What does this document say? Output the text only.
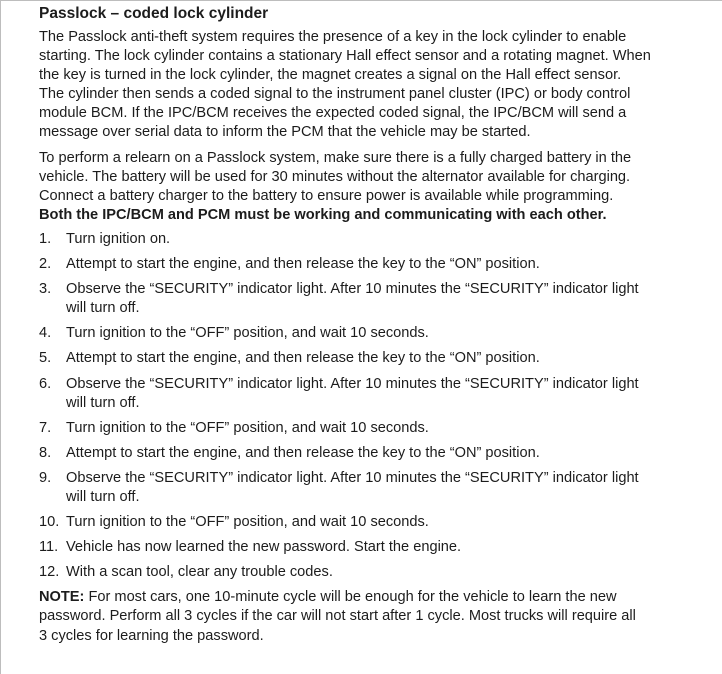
Passlock – coded lock cylinder
The Passlock anti-theft system requires the presence of a key in the lock cylinder to enable
starting. The lock cylinder contains a stationary Hall effect sensor and a rotating magnet. When
the key is turned in the lock cylinder, the magnet creates a signal on the Hall effect sensor.
The cylinder then sends a coded signal to the instrument panel cluster (IPC) or body control
module BCM. If the IPC/BCM receives the expected coded signal, the IPC/BCM will send a
message over serial data to inform the PCM that the vehicle may be started.
To perform a relearn on a Passlock system, make sure there is a fully charged battery in the
vehicle. The battery will be used for 30 minutes without the alternator available for charging.
Connect a battery charger to the battery to ensure power is available while programming.
Both the IPC/BCM and PCM must be working and communicating with each other.
1. Turn ignition on.
2. Attempt to start the engine, and then release the key to the “ON” position.
3. Observe the “SECURITY” indicator light. After 10 minutes the “SECURITY” indicator light
will turn off.
4. Turn ignition to the “OFF” position, and wait 10 seconds.
5. Attempt to start the engine, and then release the key to the “ON” position.
6. Observe the “SECURITY” indicator light. After 10 minutes the “SECURITY” indicator light
will turn off.
7. Turn ignition to the “OFF” position, and wait 10 seconds.
8. Attempt to start the engine, and then release the key to the “ON” position.
9. Observe the “SECURITY” indicator light. After 10 minutes the “SECURITY” indicator light
will turn off.
10. Turn ignition to the “OFF” position, and wait 10 seconds.
11. Vehicle has now learned the new password. Start the engine.
12. With a scan tool, clear any trouble codes.
NOTE: For most cars, one 10-minute cycle will be enough for the vehicle to learn the new
password. Perform all 3 cycles if the car will not start after 1 cycle. Most trucks will require all
3 cycles for learning the password.
